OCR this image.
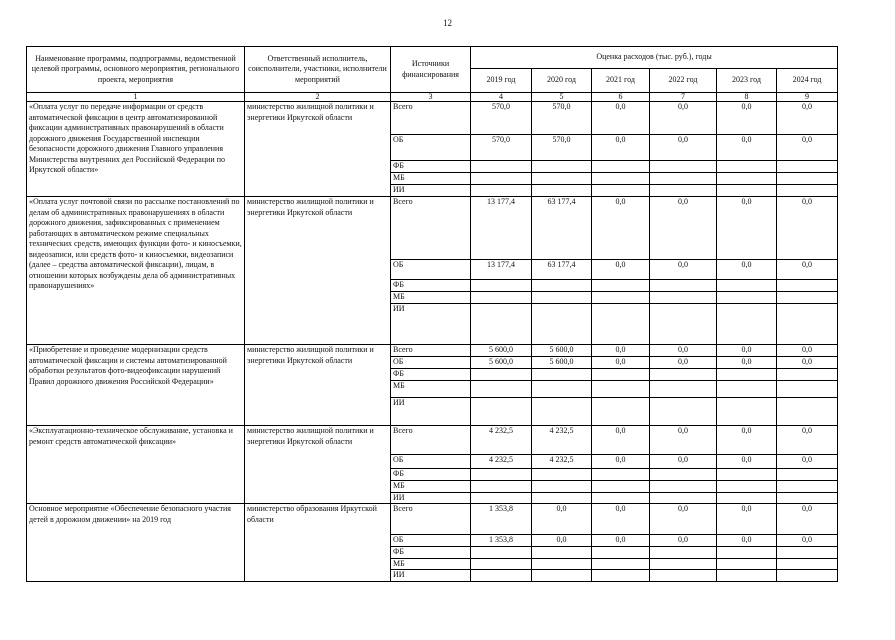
12
Наименование программы, подпрограммы, ведомственной целевой программы, основного мероприятия, регионального проекта, мероприятия	Ответственный исполнитель, соисполнители, участники, исполнители мероприятий	Источники финансирования	Оценка расходов (тыс. руб.), годы					
			2019 год	2020 год	2021 год	2022 год	2023 год	2024 год
1	2	3	4	5	6	7	8	9
«Оплата услуг по передаче информации от средств автоматической фиксации в центр автоматизированной фиксации административных правонарушений в области дорожного движения Государственной инспекции безопасности дорожного движения Главного управления Министерства внутренних дел Российской Федерации по Иркутской области»	министерство жилищной политики и энергетики Иркутской области	Всего	570,0	570,0	0,0	0,0	0,0	0,0
		ОБ	570,0	570,0	0,0	0,0	0,0	0,0
		ФБ						
		МБ						
		ИИ						
«Оплата услуг почтовой связи по рассылке постановлений по делам об административных правонарушениях в области дорожного движения, зафиксированных с применением работающих в автоматическом режиме специальных технических средств, имеющих функции фото- и киносъемки, видеозаписи, или средств фото- и киносъемки, видеозаписи (далее – средства автоматической фиксации), лицам, в отношении которых возбуждены дела об административных правонарушениях»	министерство жилищной политики и энергетики Иркутской области	Всего	13 177,4	63 177,4	0,0	0,0	0,0	0,0
		ОБ	13 177,4	63 177,4	0,0	0,0	0,0	0,0
		ФБ						
		МБ						
		ИИ						
«Приобретение и проведение модернизации средств автоматической фиксации и системы автоматизированной обработки результатов фото-видеофиксации нарушений Правил дорожного движения Российской Федерации»	министерство жилищной политики и энергетики Иркутской области	Всего	5 600,0	5 600,0	0,0	0,0	0,0	0,0
		ОБ	5 600,0	5 600,0	0,0	0,0	0,0	0,0
		ФБ						
		МБ						
		ИИ						
«Эксплуатационно-техническое обслуживание, установка и ремонт средств автоматической фиксации»	министерство жилищной политики и энергетики Иркутской области	Всего	4 232,5	4 232,5	0,0	0,0	0,0	0,0
		ОБ	4 232,5	4 232,5	0,0	0,0	0,0	0,0
		ФБ						
		МБ						
		ИИ						
Основное мероприятие «Обеспечение безопасного участия детей в дорожном движении» на 2019 год	министерство образования Иркутской области	Всего	1 353,8	0,0	0,0	0,0	0,0	0,0
		ОБ	1 353,8	0,0	0,0	0,0	0,0	0,0
		ФБ						
		МБ						
		ИИ						
